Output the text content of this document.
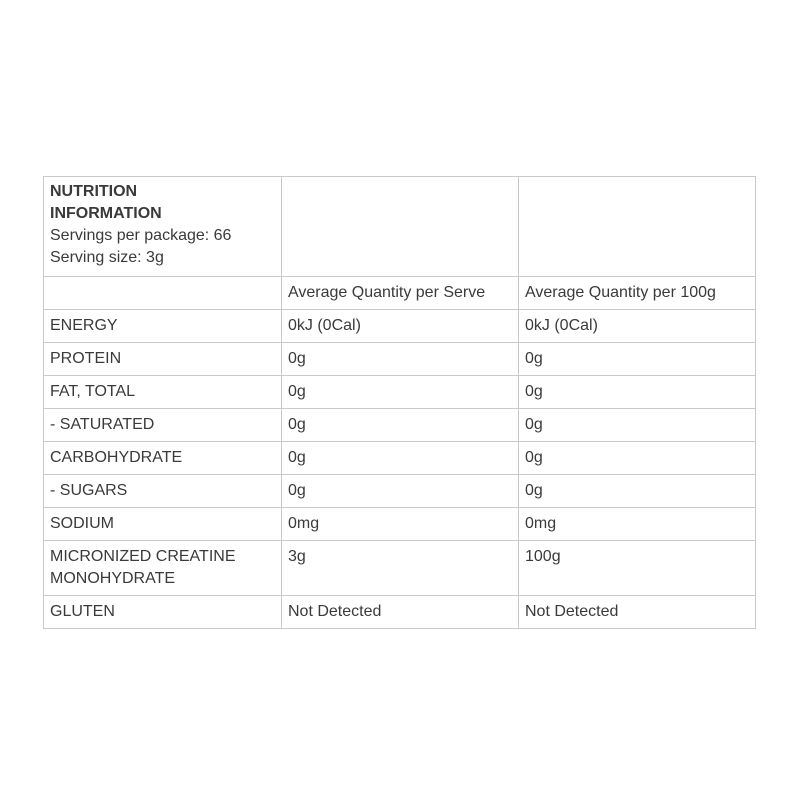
NUTRITION
INFORMATION
Servings per package: 66
Serving size: 3g		

	Average Quantity per Serve	Average Quantity per 100g
ENERGY	0kJ (0Cal)	0kJ (0Cal)
PROTEIN	0g	0g
FAT, TOTAL	0g	0g
- SATURATED	0g	0g
CARBOHYDRATE	0g	0g
- SUGARS	0g	0g
SODIUM	0mg	0mg

MICRONIZED CREATINE
MONOHYDRATE	3g	100g
GLUTEN	Not Detected	Not Detected
